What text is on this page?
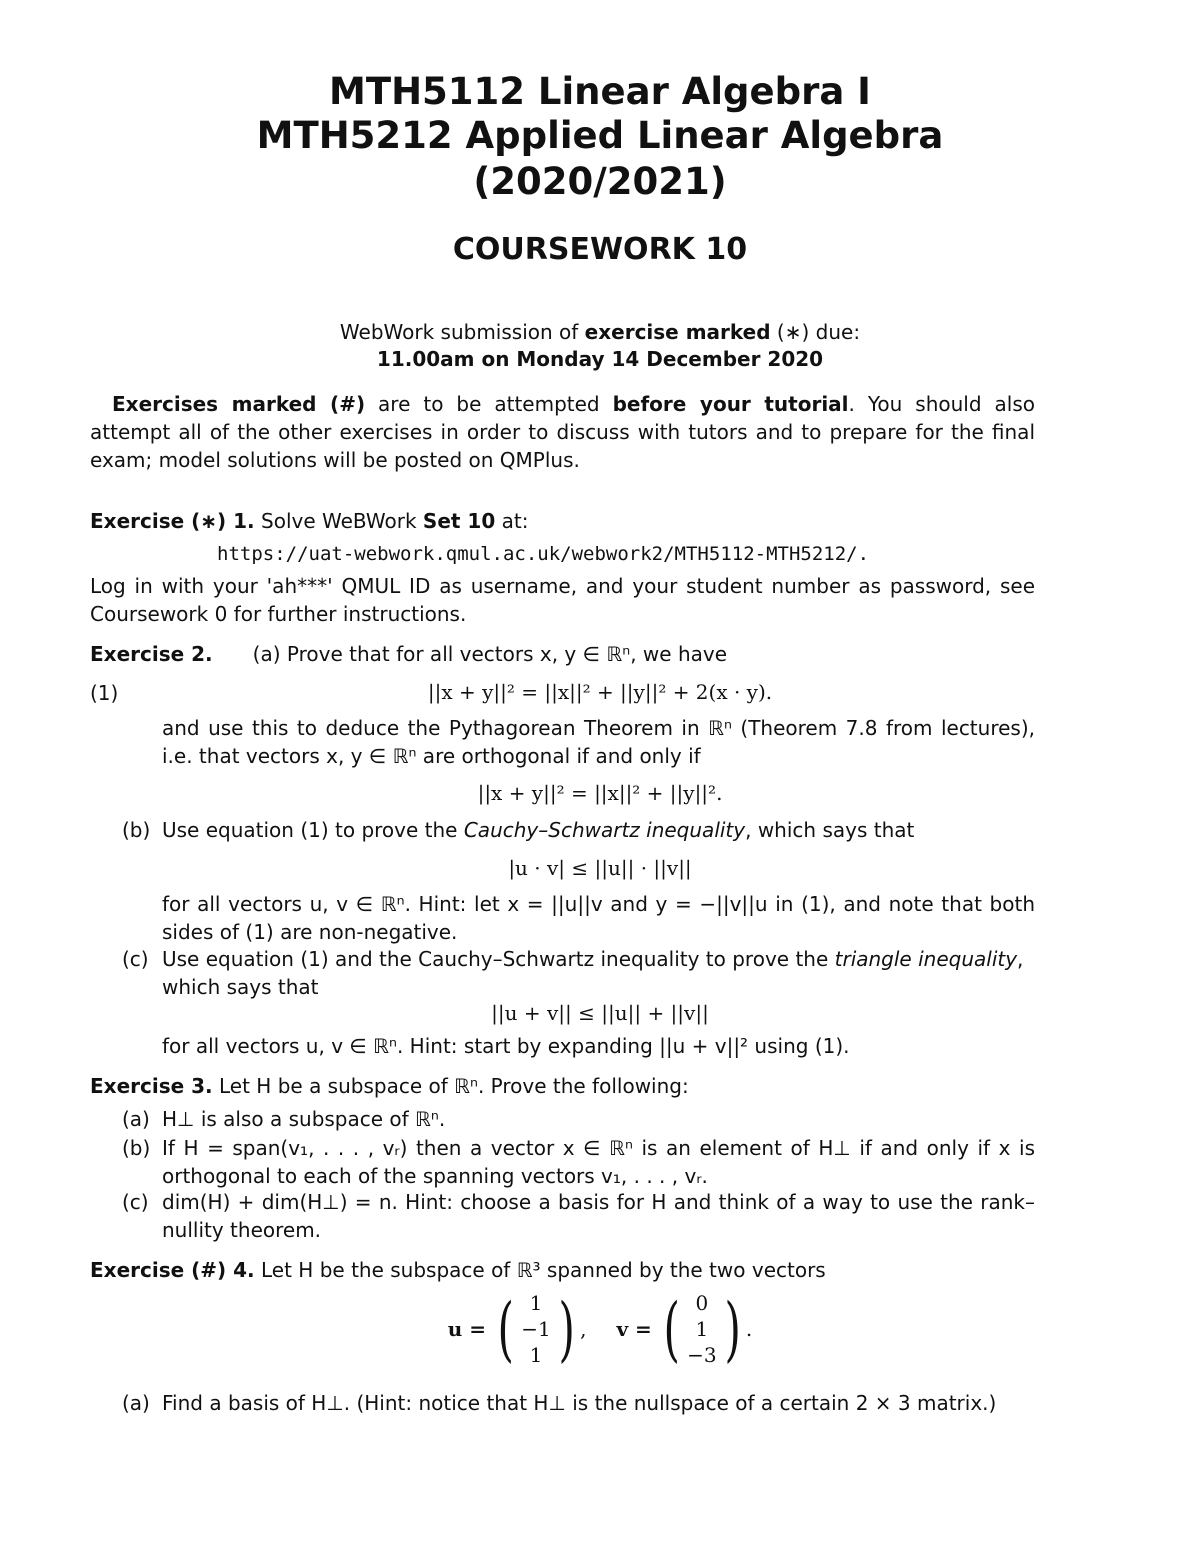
MTH5112 Linear Algebra I
MTH5212 Applied Linear Algebra
(2020/2021)
COURSEWORK 10
WebWork submission of exercise marked (∗) due:
11.00am on Monday 14 December 2020
Exercises marked (#) are to be attempted before your tutorial. You should also attempt all of the other exercises in order to discuss with tutors and to prepare for the final exam; model solutions will be posted on QMPlus.
Exercise (∗) 1. Solve WeBWork Set 10 at:
https://uat-webwork.qmul.ac.uk/webwork2/MTH5112-MTH5212/.
Log in with your 'ah***' QMUL ID as username, and your student number as password, see Coursework 0 for further instructions.
Exercise 2. (a) Prove that for all vectors x, y ∈ ℝⁿ, we have
(1)	||x + y||² = ||x||² + ||y||² + 2(x · y).
and use this to deduce the Pythagorean Theorem in ℝⁿ (Theorem 7.8 from lectures), i.e. that vectors x, y ∈ ℝⁿ are orthogonal if and only if
||x + y||² = ||x||² + ||y||².
(b) Use equation (1) to prove the Cauchy–Schwartz inequality, which says that
|u · v| ≤ ||u|| · ||v||
for all vectors u, v ∈ ℝⁿ. Hint: let x = ||u||v and y = −||v||u in (1), and note that both sides of (1) are non-negative.
(c) Use equation (1) and the Cauchy–Schwartz inequality to prove the triangle inequality, which says that
||u + v|| ≤ ||u|| + ||v||
for all vectors u, v ∈ ℝⁿ. Hint: start by expanding ||u + v||² using (1).
Exercise 3. Let H be a subspace of ℝⁿ. Prove the following:
(a) H⊥ is also a subspace of ℝⁿ.
(b) If H = span(v₁, . . . , vᵣ) then a vector x ∈ ℝⁿ is an element of H⊥ if and only if x is orthogonal to each of the spanning vectors v₁, . . . , vᵣ.
(c) dim(H) + dim(H⊥) = n. Hint: choose a basis for H and think of a way to use the rank–nullity theorem.
Exercise (#) 4. Let H be the subspace of ℝ³ spanned by the two vectors
u = ( 1
−1
1 ) , v = ( 0
1
−3 ) .
(a) Find a basis of H⊥. (Hint: notice that H⊥ is the nullspace of a certain 2 × 3 matrix.)
